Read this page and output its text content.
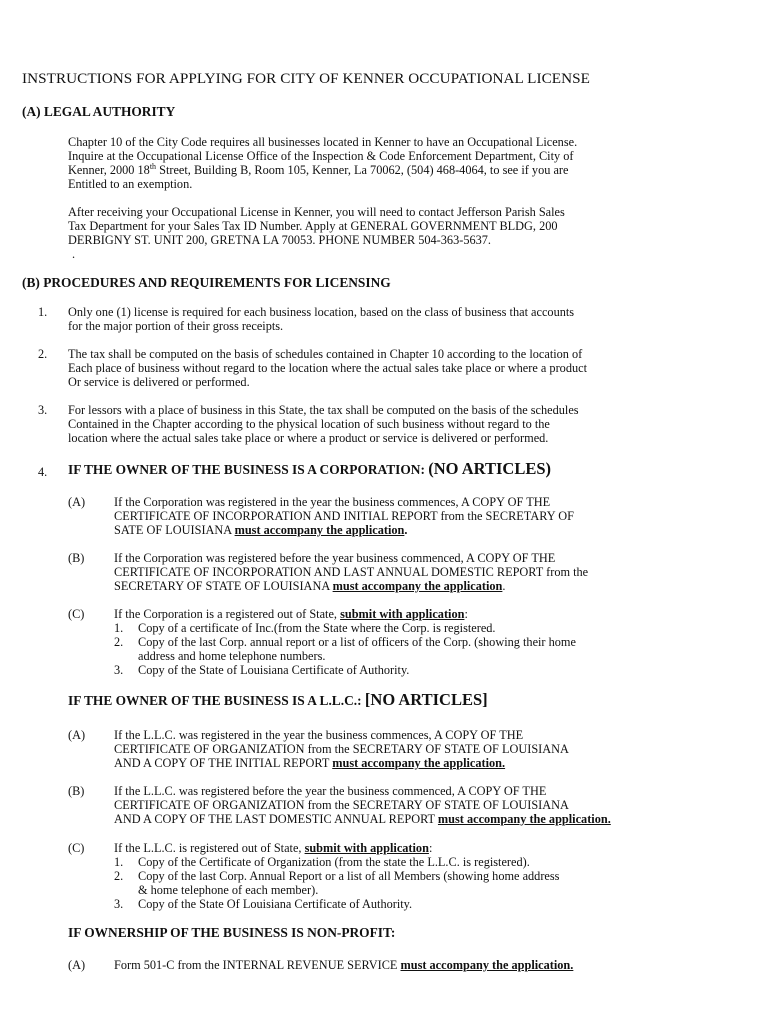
INSTRUCTIONS FOR APPLYING FOR CITY OF KENNER OCCUPATIONAL LICENSE
(A) LEGAL AUTHORITY
Chapter 10 of the City Code requires all businesses located in Kenner to have an Occupational License.
Inquire at the Occupational License Office of the Inspection & Code Enforcement Department, City of
Kenner, 2000 18th Street, Building B, Room 105, Kenner, La 70062, (504) 468-4064, to see if you are
Entitled to an exemption.
After receiving your Occupational License in Kenner, you will need to contact Jefferson Parish Sales
Tax Department for your Sales Tax ID Number. Apply at GENERAL GOVERNMENT BLDG, 200
DERBIGNY ST. UNIT 200, GRETNA LA 70053. PHONE NUMBER 504-363-5637.
.
(B) PROCEDURES AND REQUIREMENTS FOR LICENSING
1. Only one (1) license is required for each business location, based on the class of business that accounts
for the major portion of their gross receipts.
2. The tax shall be computed on the basis of schedules contained in Chapter 10 according to the location of
Each place of business without regard to the location where the actual sales take place or where a product
Or service is delivered or performed.
3. For lessors with a place of business in this State, the tax shall be computed on the basis of the schedules
Contained in the Chapter according to the physical location of such business without regard to the
location where the actual sales take place or where a product or service is delivered or performed.
4. IF THE OWNER OF THE BUSINESS IS A CORPORATION: (NO ARTICLES)
(A) If the Corporation was registered in the year the business commences, A COPY OF THE
CERTIFICATE OF INCORPORATION AND INITIAL REPORT from the SECRETARY OF
SATE OF LOUISIANA must accompany the application.
(B) If the Corporation was registered before the year business commenced, A COPY OF THE
CERTIFICATE OF INCORPORATION AND LAST ANNUAL DOMESTIC REPORT from the
SECRETARY OF STATE OF LOUISIANA must accompany the application.
(C) If the Corporation is a registered out of State, submit with application:
1. Copy of a certificate of Inc.(from the State where the Corp. is registered.
2. Copy of the last Corp. annual report or a list of officers of the Corp. (showing their home
address and home telephone numbers.
3. Copy of the State of Louisiana Certificate of Authority.
IF THE OWNER OF THE BUSINESS IS A L.L.C.: [NO ARTICLES]
(A) If the L.L.C. was registered in the year the business commences, A COPY OF THE
CERTIFICATE OF ORGANIZATION from the SECRETARY OF STATE OF LOUISIANA
AND A COPY OF THE INITIAL REPORT must accompany the application.
(B) If the L.L.C. was registered before the year the business commenced, A COPY OF THE
CERTIFICATE OF ORGANIZATION from the SECRETARY OF STATE OF LOUISIANA
AND A COPY OF THE LAST DOMESTIC ANNUAL REPORT must accompany the application.
(C) If the L.L.C. is registered out of State, submit with application:
1. Copy of the Certificate of Organization (from the state the L.L.C. is registered).
2. Copy of the last Corp. Annual Report or a list of all Members (showing home address
& home telephone of each member).
3. Copy of the State Of Louisiana Certificate of Authority.
IF OWNERSHIP OF THE BUSINESS IS NON-PROFIT:
(A) Form 501-C from the INTERNAL REVENUE SERVICE must accompany the application.
